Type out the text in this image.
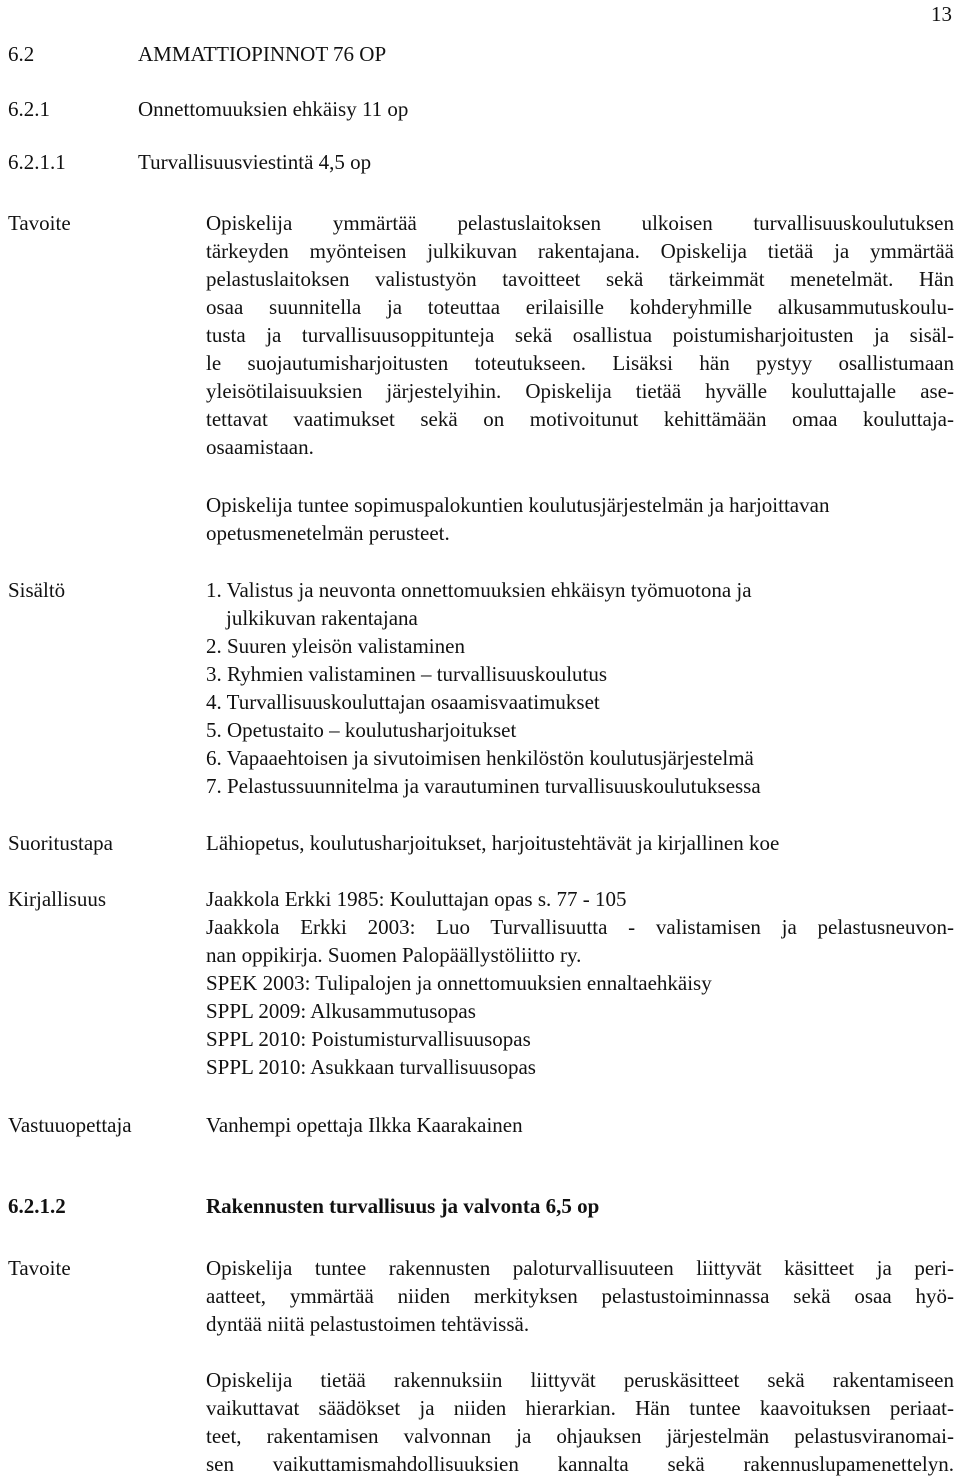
13
6.2	AMMATTIOPINNOT 76 OP
6.2.1	Onnettomuuksien ehkäisy 11 op
6.2.1.1	Turvallisuusviestintä 4,5 op
Tavoite	Opiskelija ymmärtää pelastuslaitoksen ulkoisen turvallisuuskoulutuksen
tärkeyden myönteisen julkikuvan rakentajana. Opiskelija tietää ja ymmärtää
pelastuslaitoksen valistustyön tavoitteet sekä tärkeimmät menetelmät. Hän
osaa suunnitella ja toteuttaa erilaisille kohderyhmille alkusammutuskoulu-
tusta ja turvallisuusoppitunteja sekä osallistua poistumisharjoitusten ja sisäl-
le suojautumisharjoitusten toteutukseen. Lisäksi hän pystyy osallistumaan
yleisötilaisuuksien järjestelyihin. Opiskelija tietää hyvälle kouluttajalle ase-
tettavat vaatimukset sekä on motivoitunut kehittämään omaa kouluttaja-
osaamistaan.
Opiskelija tuntee sopimuspalokuntien koulutusjärjestelmän ja harjoittavan
opetusmenetelmän perusteet.
Sisältö	1. Valistus ja neuvonta onnettomuuksien ehkäisyn työmuotona ja
julkikuvan rakentajana
2. Suuren yleisön valistaminen
3. Ryhmien valistaminen – turvallisuuskoulutus
4. Turvallisuuskouluttajan osaamisvaatimukset
5. Opetustaito – koulutusharjoitukset
6. Vapaaehtoisen ja sivutoimisen henkilöstön koulutusjärjestelmä
7. Pelastussuunnitelma ja varautuminen turvallisuuskoulutuksessa
Suoritustapa	Lähiopetus, koulutusharjoitukset, harjoitustehtävät ja kirjallinen koe
Kirjallisuus	Jaakkola Erkki 1985: Kouluttajan opas s. 77 - 105
Jaakkola Erkki 2003: Luo Turvallisuutta - valistamisen ja pelastusneuvon-
nan oppikirja. Suomen Palopäällystöliitto ry.
SPEK 2003: Tulipalojen ja onnettomuuksien ennaltaehkäisy
SPPL 2009: Alkusammutusopas
SPPL 2010: Poistumisturvallisuusopas
SPPL 2010: Asukkaan turvallisuusopas
Vastuuopettaja	Vanhempi opettaja Ilkka Kaarakainen
6.2.1.2	Rakennusten turvallisuus ja valvonta 6,5 op
Tavoite	Opiskelija tuntee rakennusten paloturvallisuuteen liittyvät käsitteet ja peri-
aatteet, ymmärtää niiden merkityksen pelastustoiminnassa sekä osaa hyö-
dyntää niitä pelastustoimen tehtävissä.
Opiskelija tietää rakennuksiin liittyvät peruskäsitteet sekä rakentamiseen
vaikuttavat säädökset ja niiden hierarkian. Hän tuntee kaavoituksen periaat-
teet, rakentamisen valvonnan ja ohjauksen järjestelmän pelastusviranomai-
sen vaikuttamismahdollisuuksien kannalta sekä rakennuslupamenettelyn.
